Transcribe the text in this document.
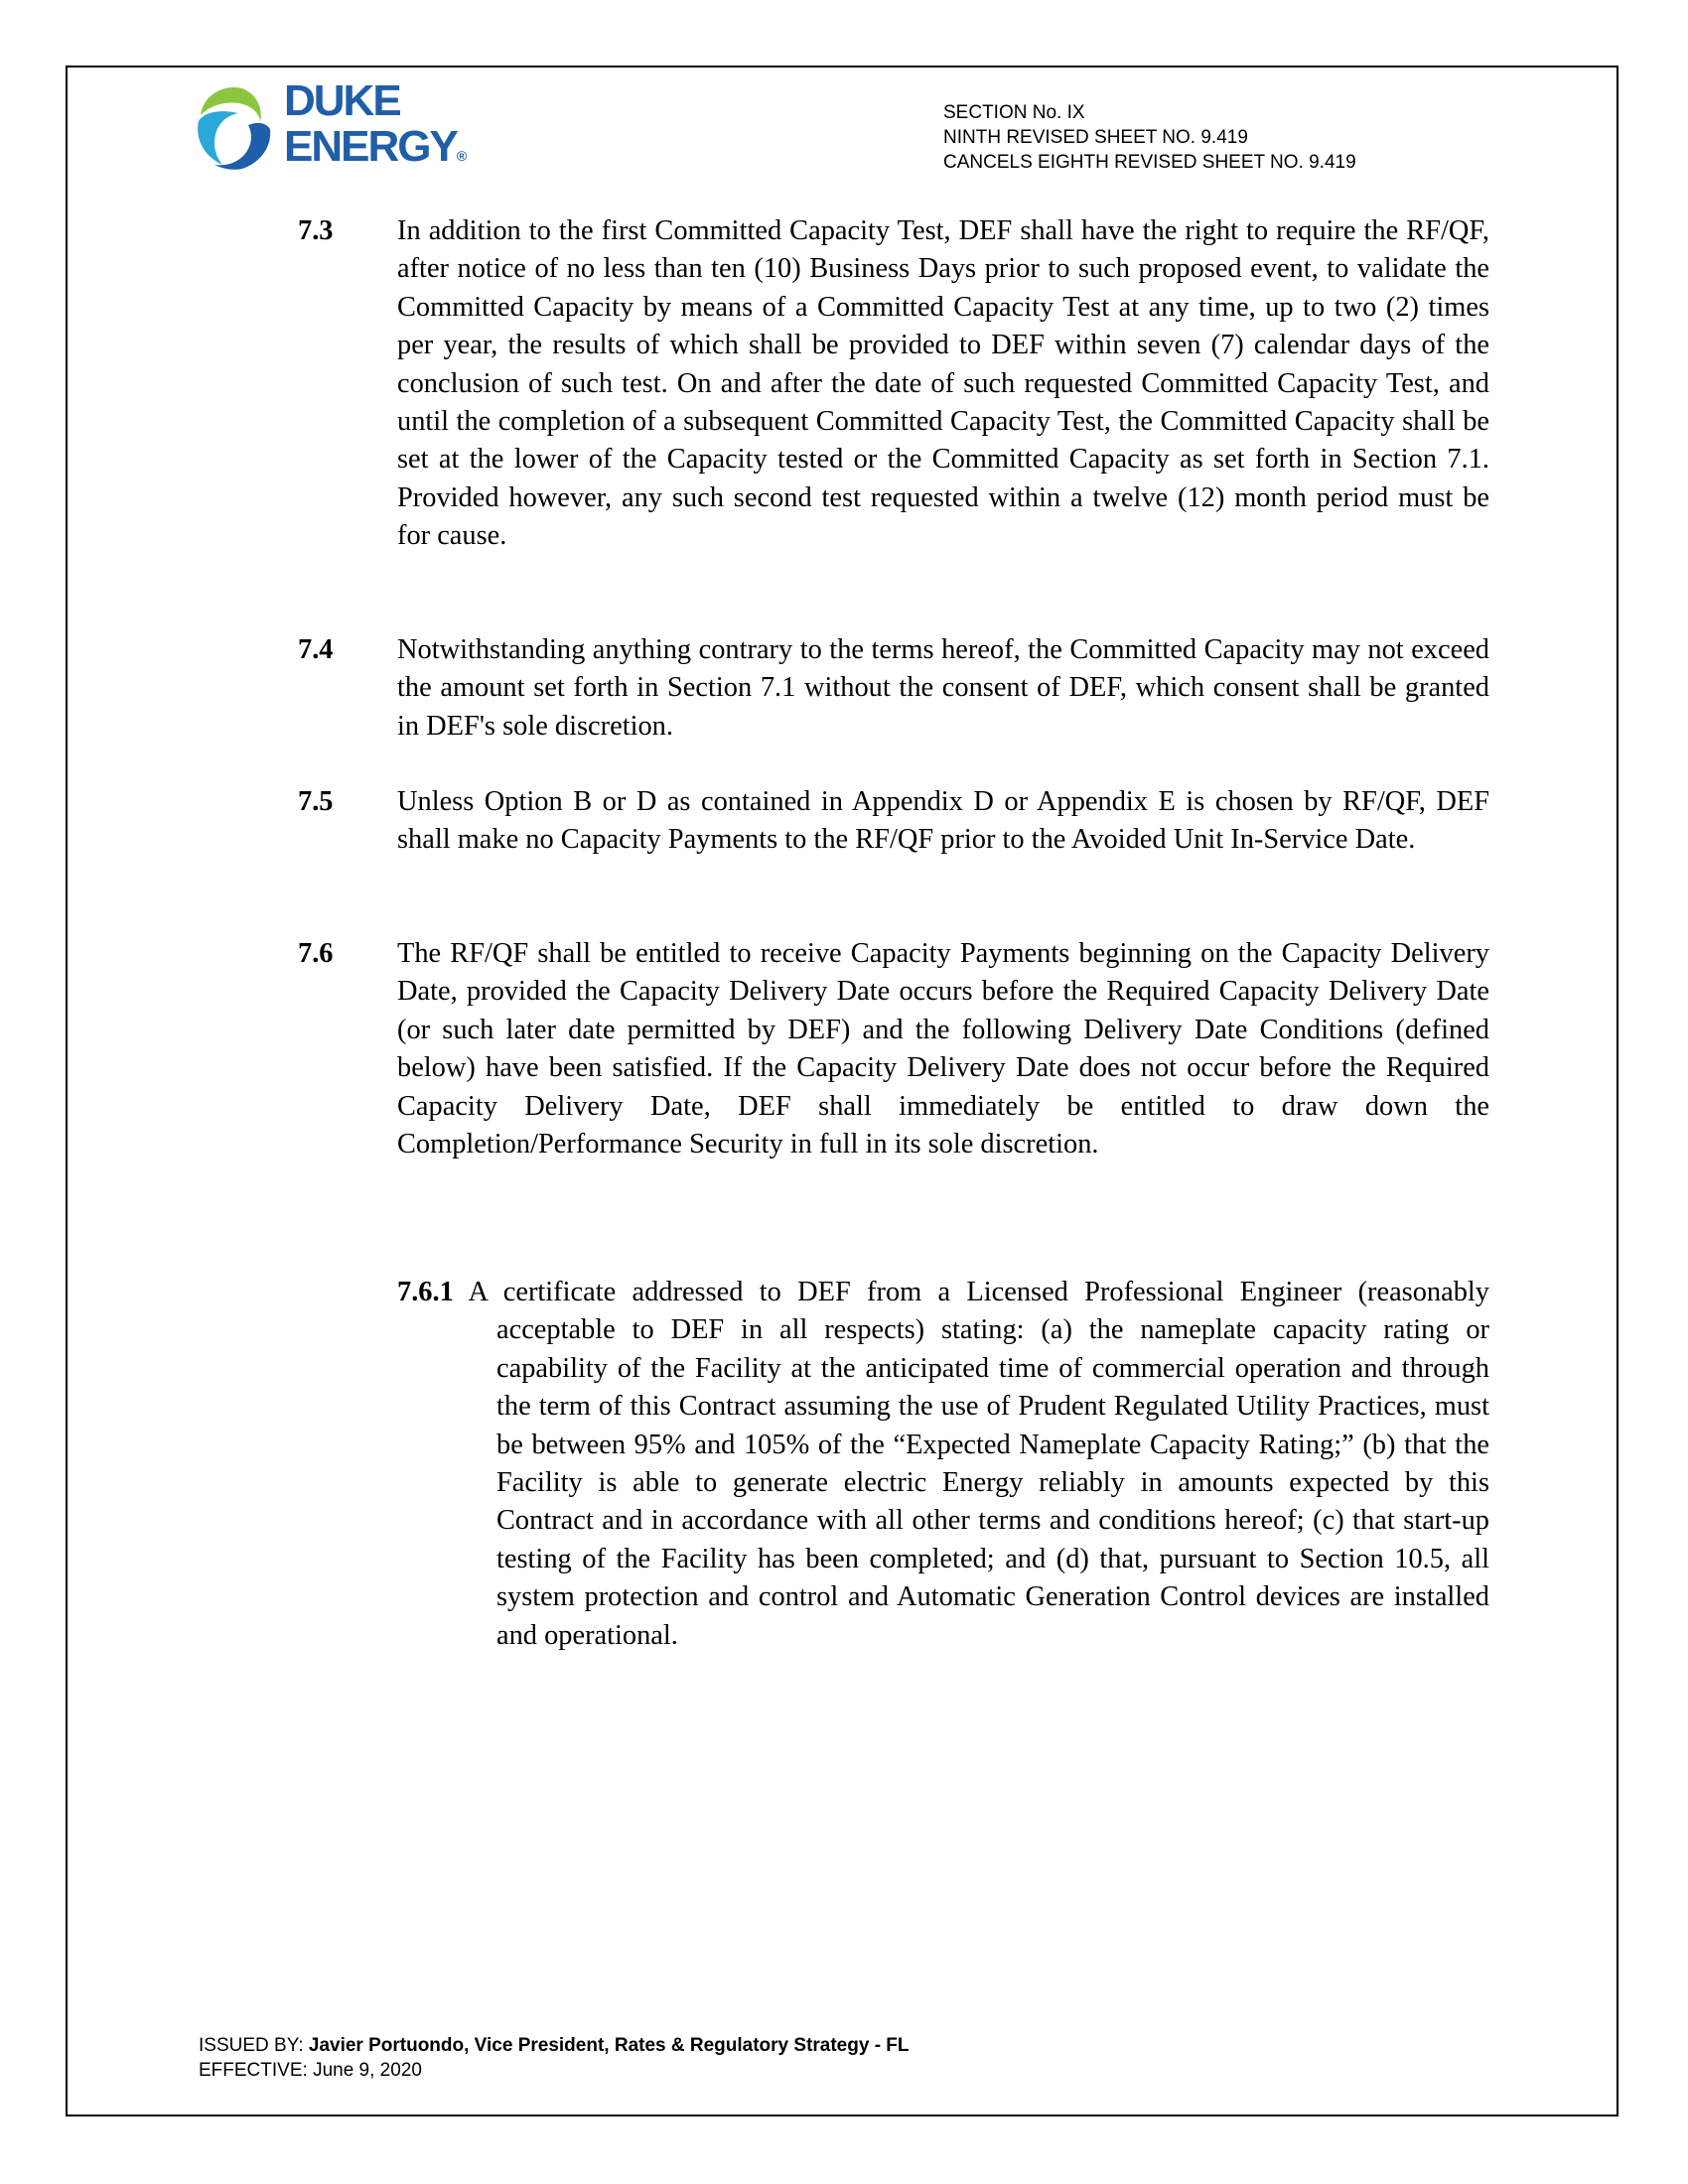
DUKE
ENERGY®
SECTION No. IX
NINTH REVISED SHEET NO. 9.419
CANCELS EIGHTH REVISED SHEET NO. 9.419
7.3 In addition to the first Committed Capacity Test, DEF shall have the right to require the RF/QF, after notice of no less than ten (10) Business Days prior to such proposed event, to validate the Committed Capacity by means of a Committed Capacity Test at any time, up to two (2) times per year, the results of which shall be provided to DEF within seven (7) calendar days of the conclusion of such test. On and after the date of such requested Committed Capacity Test, and until the completion of a subsequent Committed Capacity Test, the Committed Capacity shall be set at the lower of the Capacity tested or the Committed Capacity as set forth in Section 7.1. Provided however, any such second test requested within a twelve (12) month period must be for cause.
7.4 Notwithstanding anything contrary to the terms hereof, the Committed Capacity may not exceed the amount set forth in Section 7.1 without the consent of DEF, which consent shall be granted in DEF's sole discretion.
7.5 Unless Option B or D as contained in Appendix D or Appendix E is chosen by RF/QF, DEF shall make no Capacity Payments to the RF/QF prior to the Avoided Unit In-Service Date.
7.6 The RF/QF shall be entitled to receive Capacity Payments beginning on the Capacity Delivery Date, provided the Capacity Delivery Date occurs before the Required Capacity Delivery Date (or such later date permitted by DEF) and the following Delivery Date Conditions (defined below) have been satisfied. If the Capacity Delivery Date does not occur before the Required Capacity Delivery Date, DEF shall immediately be entitled to draw down the Completion/Performance Security in full in its sole discretion.
7.6.1 A certificate addressed to DEF from a Licensed Professional Engineer (reasonably acceptable to DEF in all respects) stating: (a) the nameplate capacity rating or capability of the Facility at the anticipated time of commercial operation and through the term of this Contract assuming the use of Prudent Regulated Utility Practices, must be between 95% and 105% of the “Expected Nameplate Capacity Rating;” (b) that the Facility is able to generate electric Energy reliably in amounts expected by this Contract and in accordance with all other terms and conditions hereof; (c) that start-up testing of the Facility has been completed; and (d) that, pursuant to Section 10.5, all system protection and control and Automatic Generation Control devices are installed and operational.
ISSUED BY: Javier Portuondo, Vice President, Rates & Regulatory Strategy - FL
EFFECTIVE: June 9, 2020
